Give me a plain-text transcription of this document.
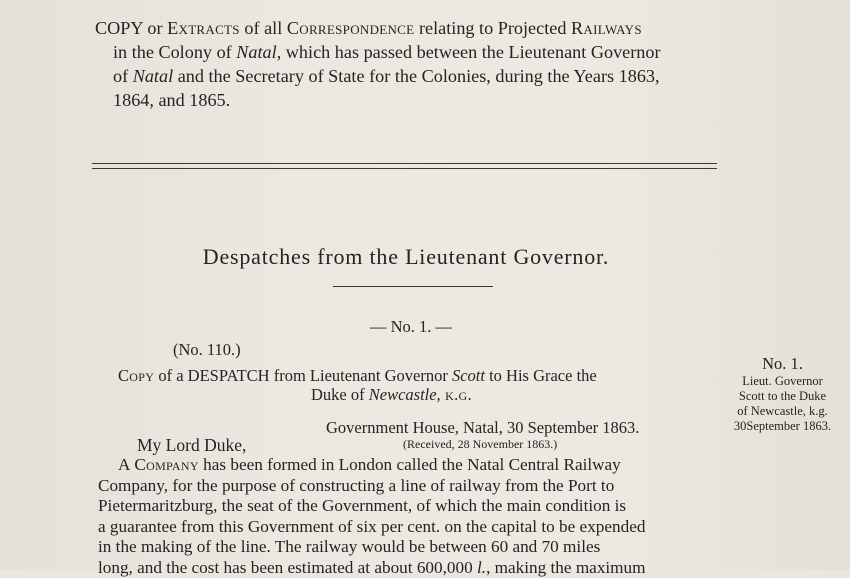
COPY or Extracts of all Correspondence relating to Projected Railways
in the Colony of Natal, which has passed between the Lieutenant Governor
of Natal and the Secretary of State for the Colonies, during the Years 1863,
1864, and 1865.
Despatches from the Lieutenant Governor.
— No. 1. —
(No. 110.)
Copy of a DESPATCH from Lieutenant Governor Scott to His Grace the
Duke of Newcastle, k.g.
Government House, Natal, 30 September 1863.
My Lord Duke,	(Received, 28 November 1863.)
A Company has been formed in London called the Natal Central Railway
Company, for the purpose of constructing a line of railway from the Port to
Pietermaritzburg, the seat of the Government, of which the main condition is
a guarantee from this Government of six per cent. on the capital to be expended
in the making of the line. The railway would be between 60 and 70 miles
long, and the cost has been estimated at about 600,000 l., making the maximum
No. 1.
Lieut. Governor
Scott to the Duke
of Newcastle, k.g.
30September 1863.
